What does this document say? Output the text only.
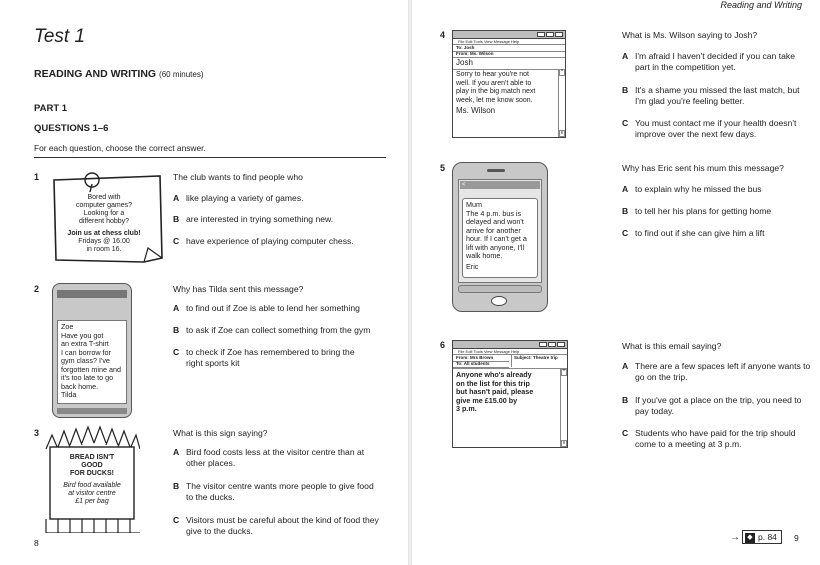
Test 1
READING AND WRITING (60 minutes)
PART 1
QUESTIONS 1–6
For each question, choose the correct answer.
1
Bored with
computer games?
Looking for a
different hobby?
Join us at chess club!
Fridays @ 16.00
in room 16.
The club wants to find people who
A like playing a variety of games.
B are interested in trying something new.
C have experience of playing computer chess.
2
Zoe
Have you got
an extra T-shirt
I can borrow for
gym class? I've
forgotten mine and
it's too late to go
back home.
Tilda
Why has Tilda sent this message?
A to find out if Zoe is able to lend her something
B to ask if Zoe can collect something from the gym
C to check if Zoe has remembered to bring the right sports kit
3
BREAD ISN'T
GOOD
FOR DUCKS!
Bird food available
at visitor centre
£1 per bag
What is this sign saying?
A Bird food costs less at the visitor centre than at other places.
B The visitor centre wants more people to give food to the ducks.
C Visitors must be careful about the kind of food they give to the ducks.
8
Reading and Writing
4
File Edit Tools View Message Help
To: Josh
From: Ms. Wilson
Josh
Sorry to hear you're not
well. If you aren't able to
play in the big match next
week, let me know soon.
Ms. Wilson
^
v
What is Ms. Wilson saying to Josh?
A I'm afraid I haven't decided if you can take part in the competition yet.
B It's a shame you missed the last match, but I'm glad you're feeling better.
C You must contact me if your health doesn't improve over the next few days.
5
<
Mum
The 4 p.m. bus is
delayed and won't
arrive for another
hour. If I can't get a
lift with anyone, I'll
walk home.
Eric
Why has Eric sent his mum this message?
A to explain why he missed the bus
B to tell her his plans for getting home
C to find out if she can give him a lift
6
File Edit Tools View Message Help
From: Mrs Brown
To: All students
Subject: Theatre trip
Anyone who's already
on the list for this trip
but hasn't paid, please
give me £15.00 by
3 p.m.
^
v
What is this email saying?
A There are a few spaces left if anyone wants to go on the trip.
B If you've got a place on the trip, you need to pay today.
C Students who have paid for the trip should come to a meeting at 3 p.m.
→	◆ p. 84	9
